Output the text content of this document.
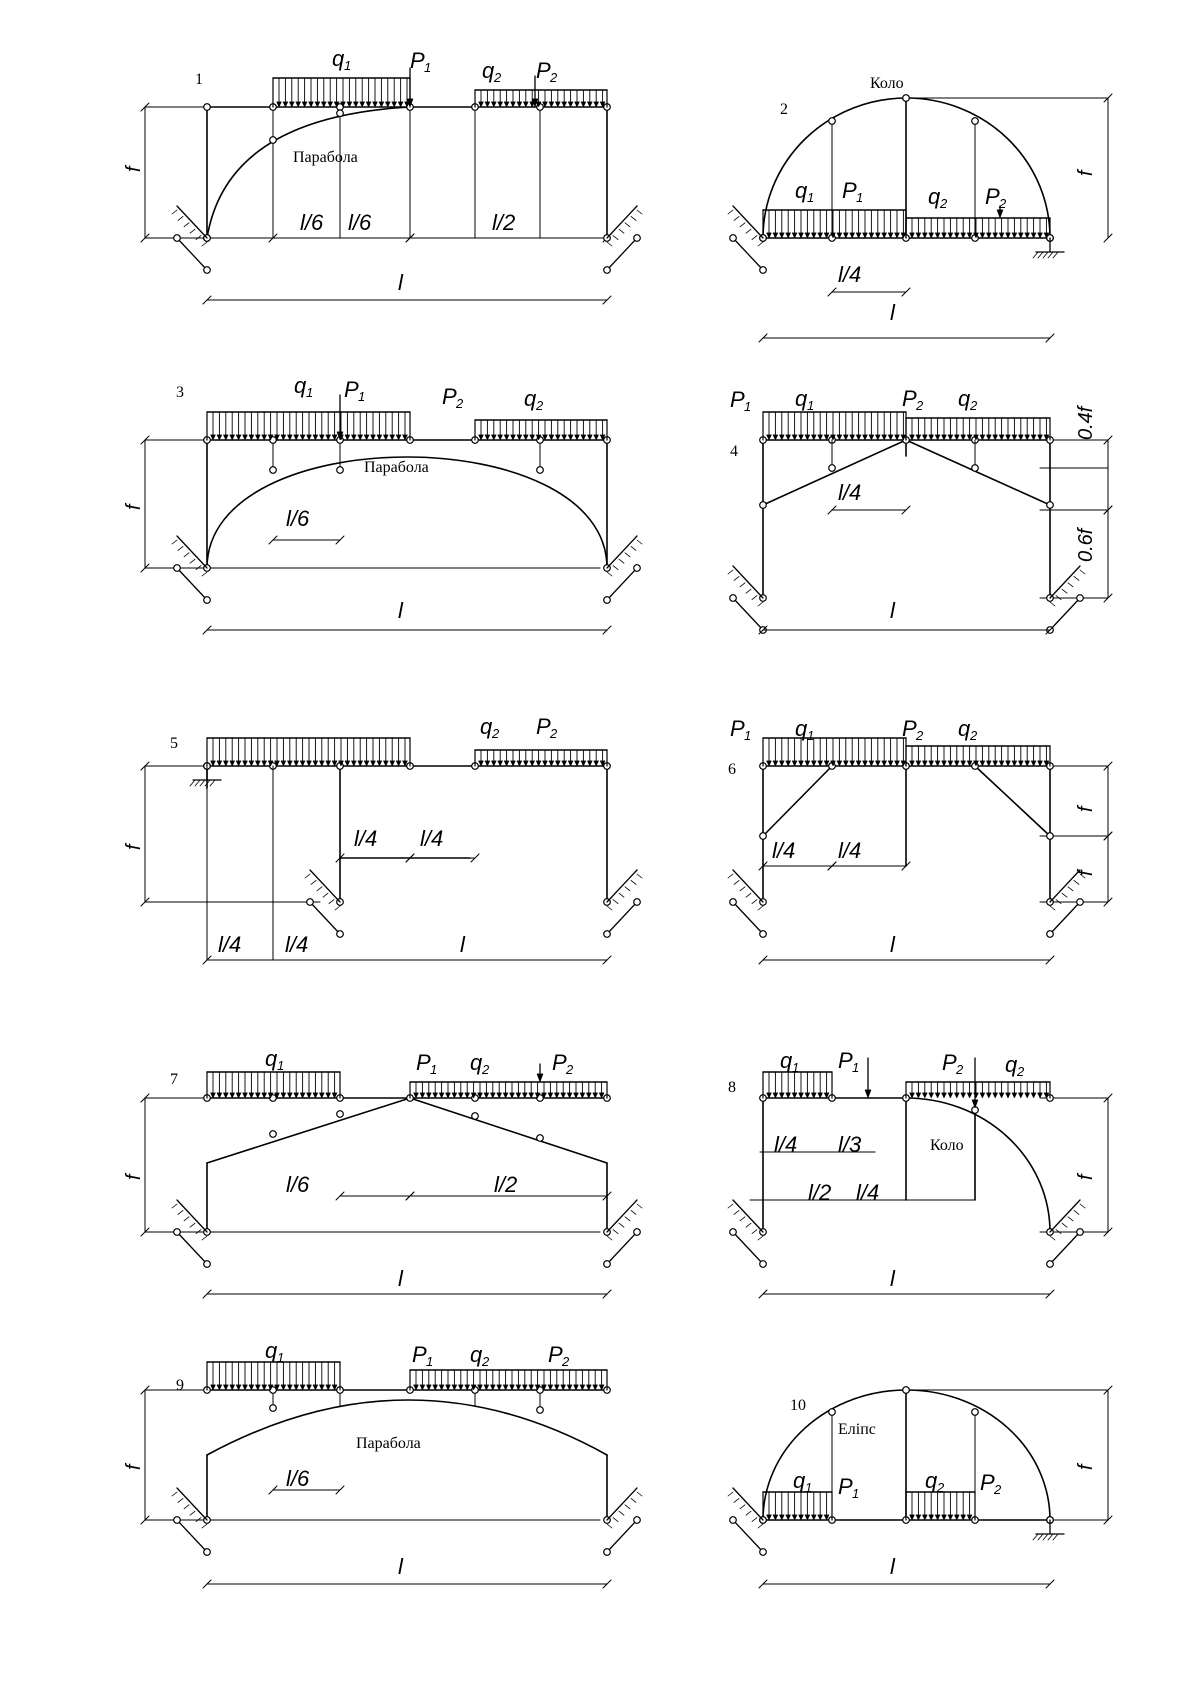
1
Парабола
q 1	P 1 q 2 P 2
l/6 l/6	l/2
l
f
2
Коло
q 1 P 1	q 2 P 2
l/4
l
f
3
Парабола
q 1 P 1	P 2	q 2
l/6
l
f
4
P 1 q 1	P 2 q 2
l/4
l
0.4f
0.6f
5
q 2 P 2
l/4 l/4
l/4 l/4	l
f
6
P 1 q 1	P 2 q 2
l/4 l/4
l
f
f
7
q 1	P 1 q 2	P 2
l/6	l/2
l
f
8
Коло
q 1 P 1	P 2 q 2
l/4 l/3
l/2 l/4
l
f
9
Парабола
q 1	P 1 q 2	P 2
l/6
l
f
10
Еліпс
q 1 P 1
q 2 P 2
l
f
